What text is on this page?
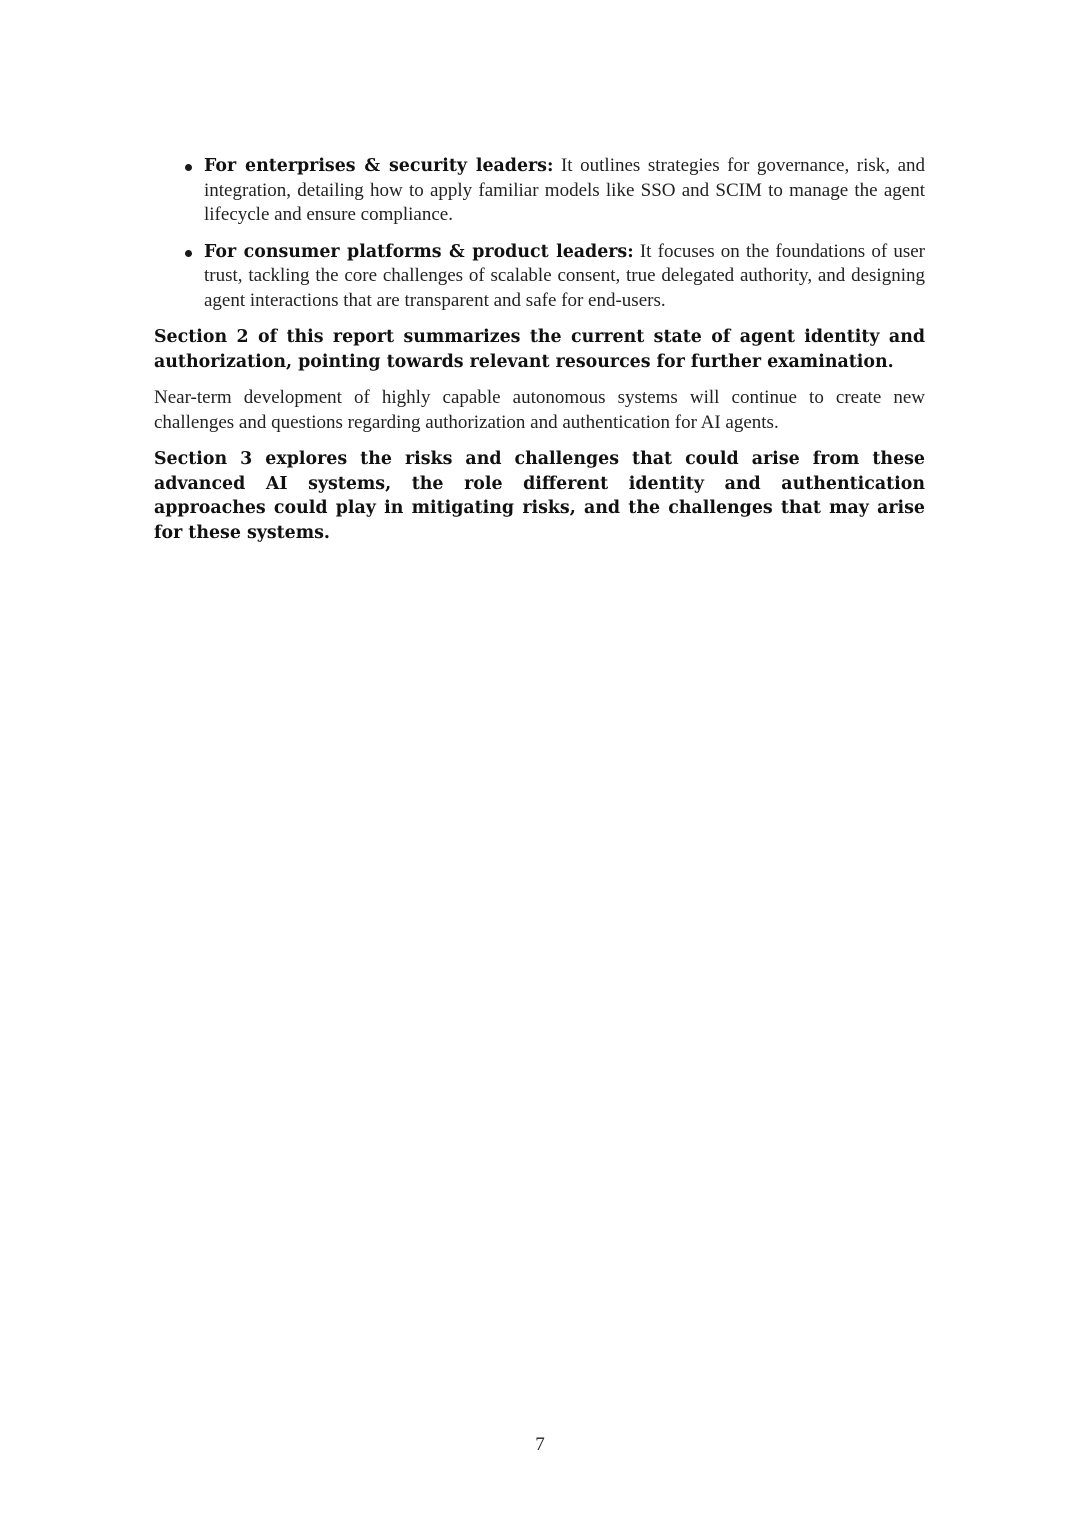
For enterprises & security leaders: It outlines strategies for governance, risk, and integration, detailing how to apply familiar models like SSO and SCIM to manage the agent lifecycle and ensure compliance.
For consumer platforms & product leaders: It focuses on the foundations of user trust, tackling the core challenges of scalable consent, true delegated authority, and designing agent interactions that are transparent and safe for end-users.

Section 2 of this report summarizes the current state of agent identity and authorization, pointing towards relevant resources for further examination.

Near-term development of highly capable autonomous systems will continue to create new challenges and questions regarding authorization and authentication for AI agents.

Section 3 explores the risks and challenges that could arise from these advanced AI systems, the role different identity and authentication approaches could play in mitigating risks, and the challenges that may arise for these systems.

7
